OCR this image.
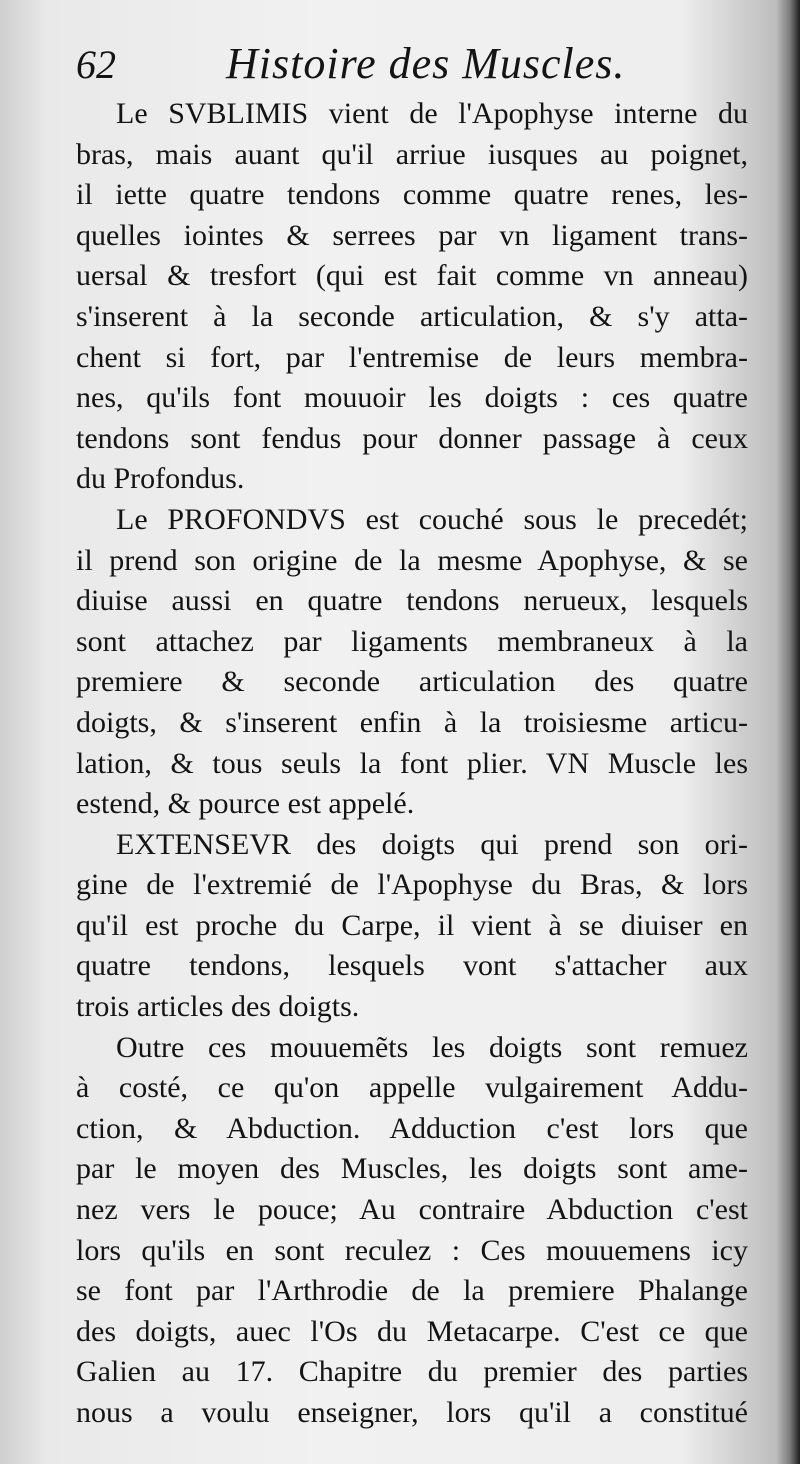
62	Histoire des Muscles.
Le SVBLIMIS vient de l'Apophyse interne du
bras, mais auant qu'il arriue iusques au poignet,
il iette quatre tendons comme quatre renes, les-
quelles iointes & serrees par vn ligament trans-
uersal & tresfort (qui est fait comme vn anneau)
s'inserent à la seconde articulation, & s'y atta-
chent si fort, par l'entremise de leurs membra-
nes, qu'ils font mouuoir les doigts : ces quatre
tendons sont fendus pour donner passage à ceux
du Profondus.
Le PROFONDVS est couché sous le precedét;
il prend son origine de la mesme Apophyse, & se
diuise aussi en quatre tendons nerueux, lesquels
sont attachez par ligaments membraneux à la
premiere & seconde articulation des quatre
doigts, & s'inserent enfin à la troisiesme articu-
lation, & tous seuls la font plier. VN Muscle les
estend, & pource est appelé.
EXTENSEVR des doigts qui prend son ori-
gine de l'extremié de l'Apophyse du Bras, & lors
qu'il est proche du Carpe, il vient à se diuiser en
quatre tendons, lesquels vont s'attacher aux
trois articles des doigts.
Outre ces mouuemẽts les doigts sont remuez
à costé, ce qu'on appelle vulgairement Addu-
ction, & Abduction. Adduction c'est lors que
par le moyen des Muscles, les doigts sont ame-
nez vers le pouce; Au contraire Abduction c'est
lors qu'ils en sont reculez : Ces mouuemens icy
se font par l'Arthrodie de la premiere Phalange
des doigts, auec l'Os du Metacarpe. C'est ce que
Galien au 17. Chapitre du premier des parties
nous a voulu enseigner, lors qu'il a constitué
